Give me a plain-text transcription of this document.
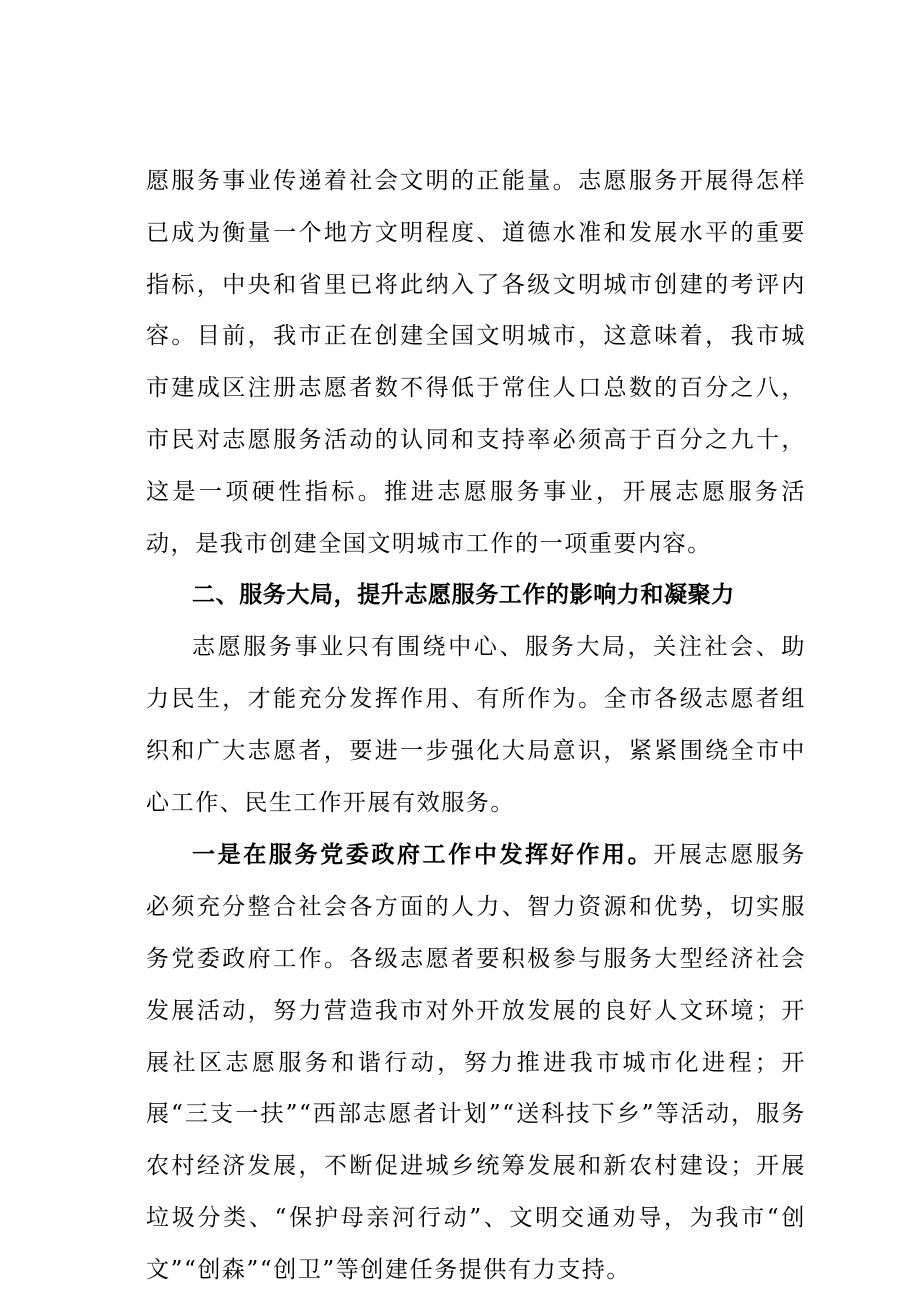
愿服务事业传递着社会文明的正能量。志愿服务开展得怎样已成为衡量一个地方文明程度、道德水准和发展水平的重要指标，中央和省里已将此纳入了各级文明城市创建的考评内容。目前，我市正在创建全国文明城市，这意味着，我市城市建成区注册志愿者数不得低于常住人口总数的百分之八，市民对志愿服务活动的认同和支持率必须高于百分之九十，这是一项硬性指标。推进志愿服务事业，开展志愿服务活动，是我市创建全国文明城市工作的一项重要内容。

二、服务大局，提升志愿服务工作的影响力和凝聚力

志愿服务事业只有围绕中心、服务大局，关注社会、助力民生，才能充分发挥作用、有所作为。全市各级志愿者组织和广大志愿者，要进一步强化大局意识，紧紧围绕全市中心工作、民生工作开展有效服务。

一是在服务党委政府工作中发挥好作用。开展志愿服务必须充分整合社会各方面的人力、智力资源和优势，切实服务党委政府工作。各级志愿者要积极参与服务大型经济社会发展活动，努力营造我市对外开放发展的良好人文环境；开展社区志愿服务和谐行动，努力推进我市城市化进程；开展“三支一扶”“西部志愿者计划”“送科技下乡”等活动，服务农村经济发展，不断促进城乡统筹发展和新农村建设；开展垃圾分类、“保护母亲河行动”、文明交通劝导，为我市“创文”“创森”“创卫”等创建任务提供有力支持。
